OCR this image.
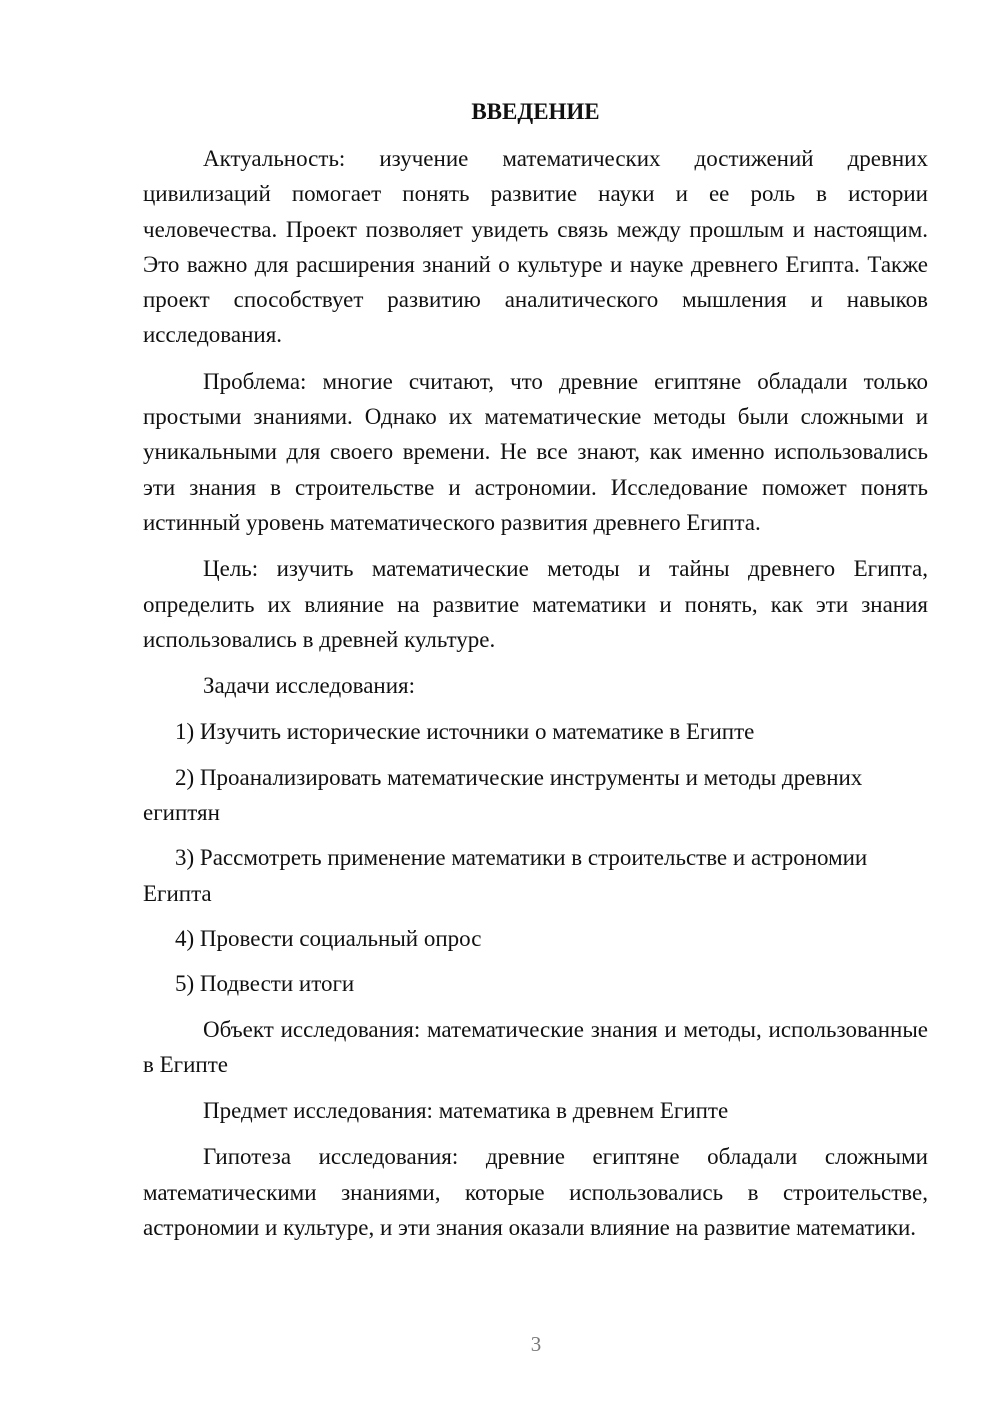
ВВЕДЕНИЕ

Актуальность: изучение математических достижений древних цивилизаций помогает понять развитие науки и ее роль в истории человечества. Проект позволяет увидеть связь между прошлым и настоящим. Это важно для расширения знаний о культуре и науке древнего Египта. Также проект способствует развитию аналитического мышления и навыков исследования.

Проблема: многие считают, что древние египтяне обладали только простыми знаниями. Однако их математические методы были сложными и уникальными для своего времени. Не все знают, как именно использовались эти знания в строительстве и астрономии. Исследование поможет понять истинный уровень математического развития древнего Египта.

Цель: изучить математические методы и тайны древнего Египта, определить их влияние на развитие математики и понять, как эти знания использовались в древней культуре.

Задачи исследования:

1) Изучить исторические источники о математике в Египте

2) Проанализировать математические инструменты и методы древних египтян

3) Рассмотреть применение математики в строительстве и астрономии Египта

4) Провести социальный опрос

5) Подвести итоги

Объект исследования: математические знания и методы, использованные в Египте

Предмет исследования: математика в древнем Египте

Гипотеза исследования: древние египтяне обладали сложными математическими знаниями, которые использовались в строительстве, астрономии и культуре, и эти знания оказали влияние на развитие математики.

3
